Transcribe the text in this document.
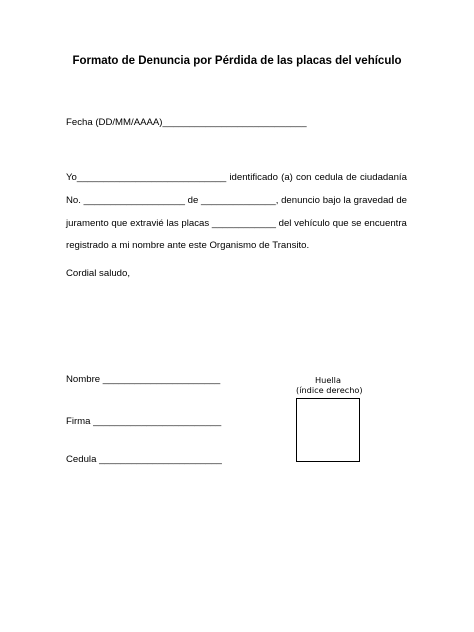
Formato de Denuncia por Pérdida de las placas del vehículo
Fecha (DD/MM/AAAA)___________________________
Yo____________________________ identificado (a) con cedula de ciudadanía
No. ___________________ de ______________, denuncio bajo la gravedad de
juramento que extravié las placas ____________ del vehículo que se encuentra
registrado a mi nombre ante este Organismo de Transito.
Cordial saludo,
Nombre ______________________
Firma ________________________
Cedula _______________________
Huella
(índice derecho)
